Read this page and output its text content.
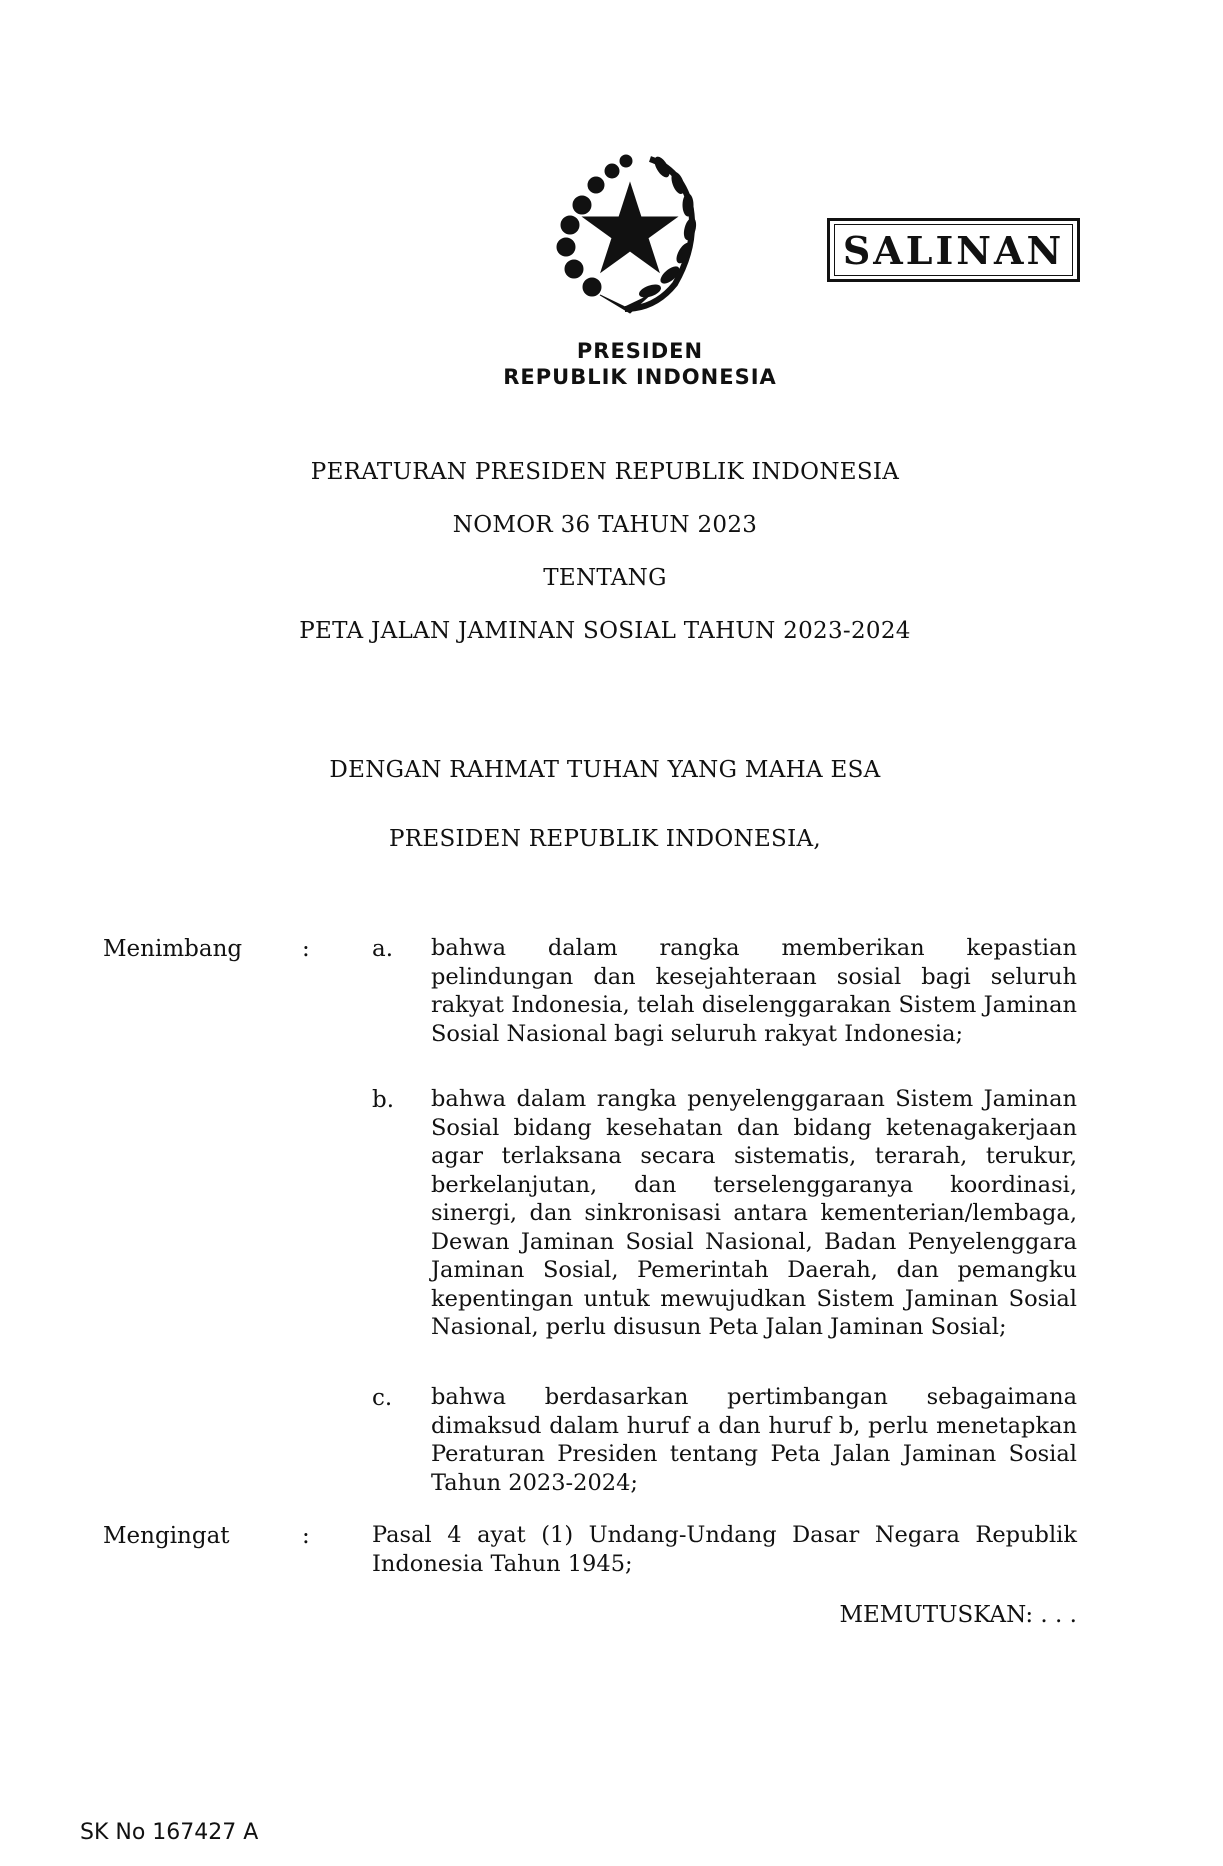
PRESIDEN
REPUBLIK INDONESIA
SALINAN
PERATURAN PRESIDEN REPUBLIK INDONESIA
NOMOR 36 TAHUN 2023
TENTANG
PETA JALAN JAMINAN SOSIAL TAHUN 2023-2024
DENGAN RAHMAT TUHAN YANG MAHA ESA
PRESIDEN REPUBLIK INDONESIA,
Menimbang	:	a. bahwa dalam rangka memberikan kepastian pelindungan dan kesejahteraan sosial bagi seluruh rakyat Indonesia, telah diselenggarakan Sistem Jaminan Sosial Nasional bagi seluruh rakyat Indonesia;
b. bahwa dalam rangka penyelenggaraan Sistem Jaminan Sosial bidang kesehatan dan bidang ketenagakerjaan agar terlaksana secara sistematis, terarah, terukur, berkelanjutan, dan terselenggaranya koordinasi, sinergi, dan sinkronisasi antara kementerian/lembaga, Dewan Jaminan Sosial Nasional, Badan Penyelenggara Jaminan Sosial, Pemerintah Daerah, dan pemangku kepentingan untuk mewujudkan Sistem Jaminan Sosial Nasional, perlu disusun Peta Jalan Jaminan Sosial;
c. bahwa berdasarkan pertimbangan sebagaimana dimaksud dalam huruf a dan huruf b, perlu menetapkan Peraturan Presiden tentang Peta Jalan Jaminan Sosial Tahun 2023-2024;
Mengingat	:	Pasal 4 ayat (1) Undang-Undang Dasar Negara Republik Indonesia Tahun 1945;
MEMUTUSKAN: . . .
SK No 167427 A
